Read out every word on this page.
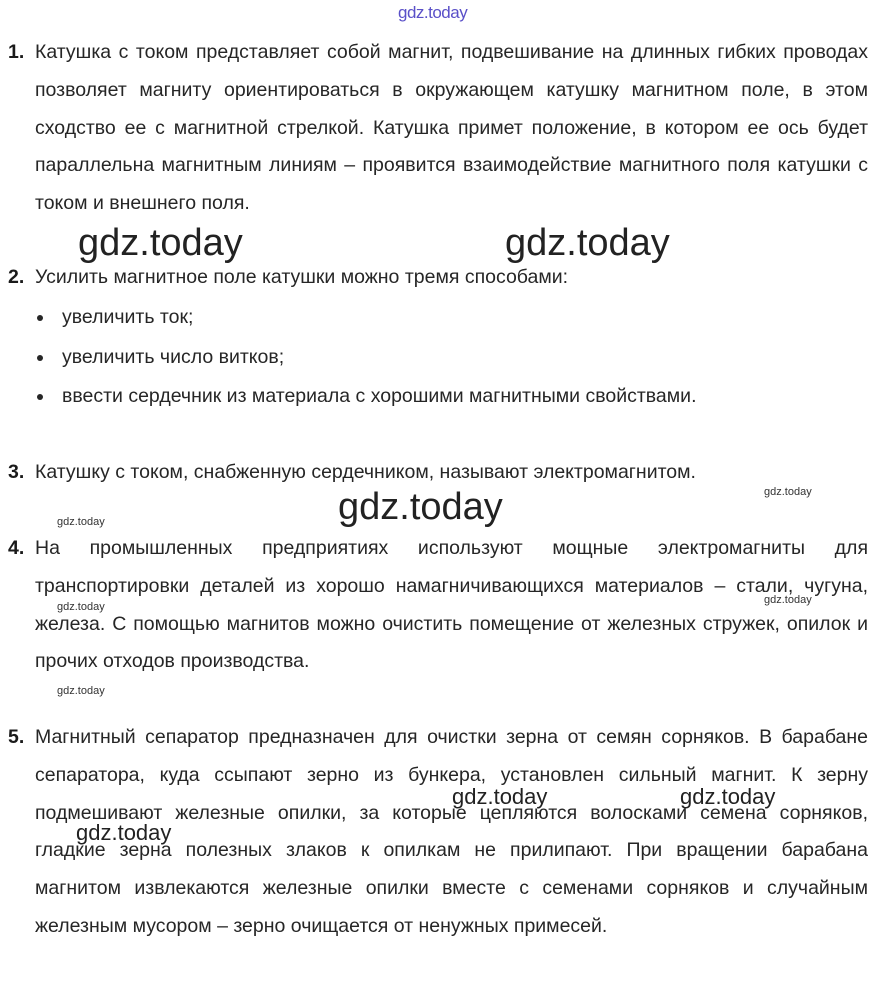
gdz.today
1. Катушка с током представляет собой магнит, подвешивание на длинных гибких проводах позволяет магниту ориентироваться в окружающем катушку магнитном поле, в этом сходство ее с магнитной стрелкой. Катушка примет положение, в котором ее ось будет параллельна магнитным линиям – проявится взаимодействие магнитного поля катушки с током и внешнего поля.
gdz.today	gdz.today
2. Усилить магнитное поле катушки можно тремя способами:
увеличить ток;
увеличить число витков;
ввести сердечник из материала с хорошими магнитными свойствами.
3. Катушку с током, снабженную сердечником, называют электромагнитом.
gdz.today
gdz.today
gdz.today
4. На промышленных предприятиях используют мощные электромагниты для транспортировки деталей из хорошо намагничивающихся материалов – стали, чугуна, железа. С помощью магнитов можно очистить помещение от железных стружек, опилок и прочих отходов производства.
gdz.today
gdz.today
gdz.today
5. Магнитный сепаратор предназначен для очистки зерна от семян сорняков. В барабане сепаратора, куда ссыпают зерно из бункера, установлен сильный магнит. К зерну подмешивают железные опилки, за которые цепляются волосками семена сорняков, гладкие зерна полезных злаков к опилкам не прилипают. При вращении барабана магнитом извлекаются железные опилки вместе с семенами сорняков и случайным железным мусором – зерно очищается от ненужных примесей.
gdz.today	gdz.today
gdz.today
